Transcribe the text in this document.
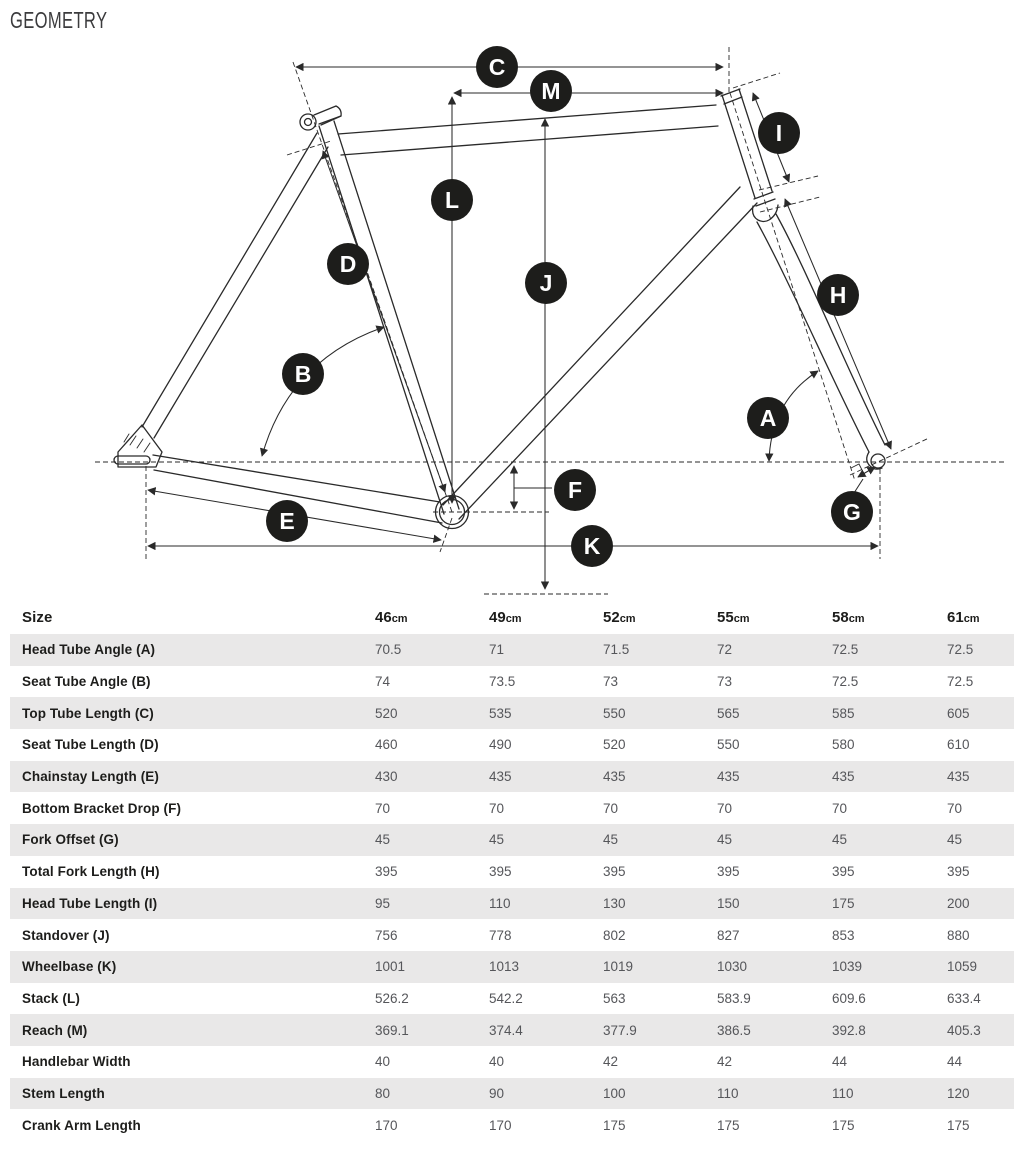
GEOMETRY
C
M
I
L
D
J	H
B
A
F
G
E
K
Size	46cm	49cm	52cm	55cm	58cm	61cm
Head Tube Angle (A)	70.5	71	71.5	72	72.5	72.5
Seat Tube Angle (B)	74	73.5	73	73	72.5	72.5
Top Tube Length (C)	520	535	550	565	585	605
Seat Tube Length (D)	460	490	520	550	580	610
Chainstay Length (E)	430	435	435	435	435	435
Bottom Bracket Drop (F)	70	70	70	70	70	70
Fork Offset (G)	45	45	45	45	45	45
Total Fork Length (H)	395	395	395	395	395	395
Head Tube Length (I)	95	110	130	150	175	200
Standover (J)	756	778	802	827	853	880
Wheelbase (K)	1001	1013	1019	1030	1039	1059
Stack (L)	526.2	542.2	563	583.9	609.6	633.4
Reach (M)	369.1	374.4	377.9	386.5	392.8	405.3
Handlebar Width	40	40	42	42	44	44
Stem Length	80	90	100	110	110	120
Crank Arm Length	170	170	175	175	175	175
